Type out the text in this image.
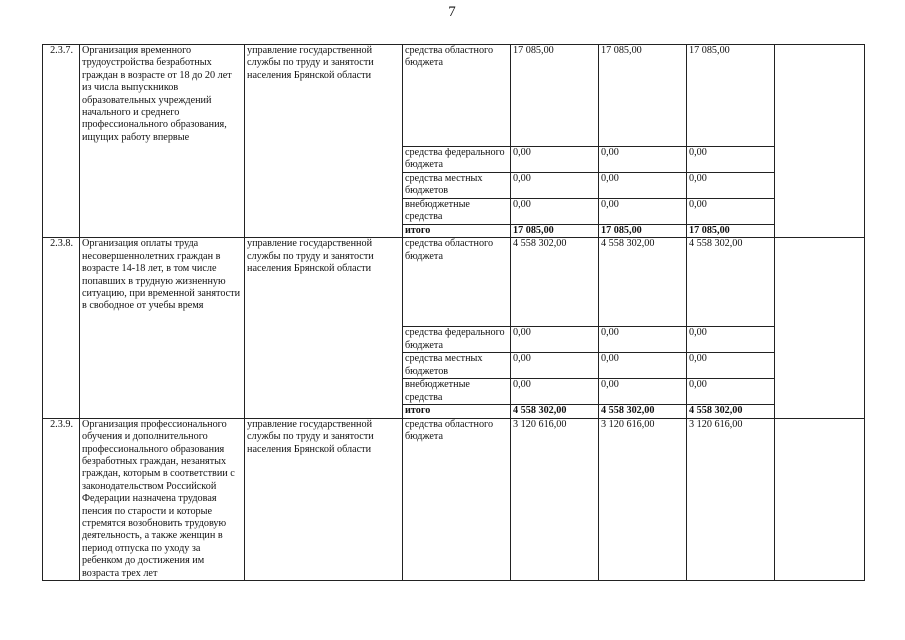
7
2.3.7.	Организация временного трудоустройства безработных граждан в возрасте от 18 до 20 лет из числа выпускников образовательных учреждений начального и среднего профессионального образования, ищущих работу впервые	управление государственной службы по труду и занятости населения Брянской области	средства областного бюджета	17 085,00	17 085,00	17 085,00	
			средства федерального бюджета	0,00	0,00	0,00	
			средства местных бюджетов	0,00	0,00	0,00	
			внебюджетные средства	0,00	0,00	0,00	
			итого	17 085,00	17 085,00	17 085,00	
2.3.8.	Организация оплаты труда несовершеннолетних граждан в возрасте 14-18 лет, в том числе попавших в трудную жизненную ситуацию, при временной занятости в свободное от учебы время	управление государственной службы по труду и занятости населения Брянской области	средства областного бюджета	4 558 302,00	4 558 302,00	4 558 302,00	
			средства федерального бюджета	0,00	0,00	0,00	
			средства местных бюджетов	0,00	0,00	0,00	
			внебюджетные средства	0,00	0,00	0,00	
			итого	4 558 302,00	4 558 302,00	4 558 302,00	
2.3.9.	Организация профессионального обучения и дополнительного профессионального образования безработных граждан, незанятых граждан, которым в соответствии с законодательством Российской Федерации назначена трудовая пенсия по старости и которые стремятся возобновить трудовую деятельность, а также женщин в период отпуска по уходу за ребенком до достижения им возраста трех лет	управление государственной службы по труду и занятости населения Брянской области	средства областного бюджета	3 120 616,00	3 120 616,00	3 120 616,00	
